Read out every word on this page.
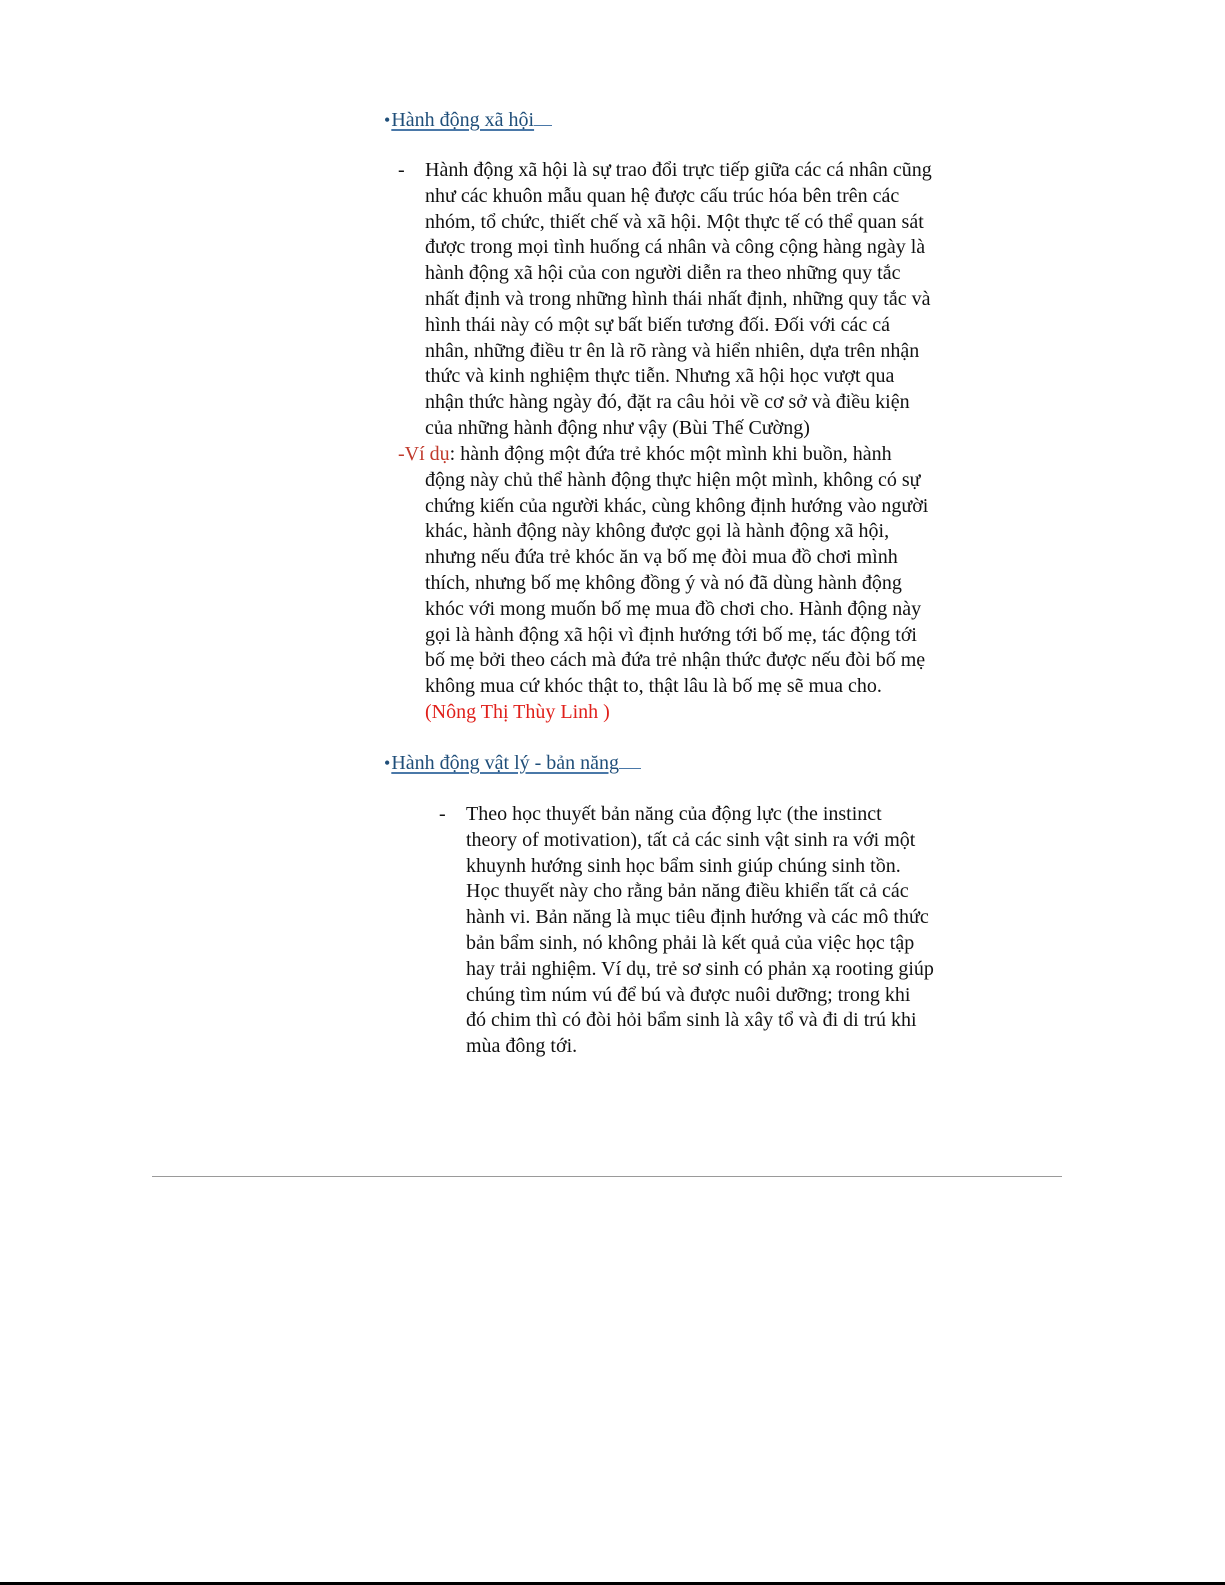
•Hành động xã hội
- Hành động xã hội là sự trao đổi trực tiếp giữa các cá nhân cũng
như các khuôn mẫu quan hệ được cấu trúc hóa bên trên các
nhóm, tổ chức, thiết chế và xã hội. Một thực tế có thể quan sát
được trong mọi tình huống cá nhân và công cộng hàng ngày là
hành động xã hội của con người diễn ra theo những quy tắc
nhất định và trong những hình thái nhất định, những quy tắc và
hình thái này có một sự bất biến tương đối. Đối với các cá
nhân, những điều tr ên là rõ ràng và hiển nhiên, dựa trên nhận
thức và kinh nghiệm thực tiễn. Nhưng xã hội học vượt qua
nhận thức hàng ngày đó, đặt ra câu hỏi về cơ sở và điều kiện
của những hành động như vậy (Bùi Thế Cường)
-Ví dụ: hành động một đứa trẻ khóc một mình khi buồn, hành
động này chủ thể hành động thực hiện một mình, không có sự
chứng kiến của người khác, cùng không định hướng vào người
khác, hành động này không được gọi là hành động xã hội,
nhưng nếu đứa trẻ khóc ăn vạ bố mẹ đòi mua đồ chơi mình
thích, nhưng bố mẹ không đồng ý và nó đã dùng hành động
khóc với mong muốn bố mẹ mua đồ chơi cho. Hành động này
gọi là hành động xã hội vì định hướng tới bố mẹ, tác động tới
bố mẹ bởi theo cách mà đứa trẻ nhận thức được nếu đòi bố mẹ
không mua cứ khóc thật to, thật lâu là bố mẹ sẽ mua cho.
(Nông Thị Thùy Linh )
•Hành động vật lý - bản năng
- Theo học thuyết bản năng của động lực (the instinct
theory of motivation), tất cả các sinh vật sinh ra với một
khuynh hướng sinh học bẩm sinh giúp chúng sinh tồn.
Học thuyết này cho rằng bản năng điều khiển tất cả các
hành vi. Bản năng là mục tiêu định hướng và các mô thức
bản bẩm sinh, nó không phải là kết quả của việc học tập
hay trải nghiệm. Ví dụ, trẻ sơ sinh có phản xạ rooting giúp
chúng tìm núm vú để bú và được nuôi dưỡng; trong khi
đó chim thì có đòi hỏi bẩm sinh là xây tổ và đi di trú khi
mùa đông tới.
